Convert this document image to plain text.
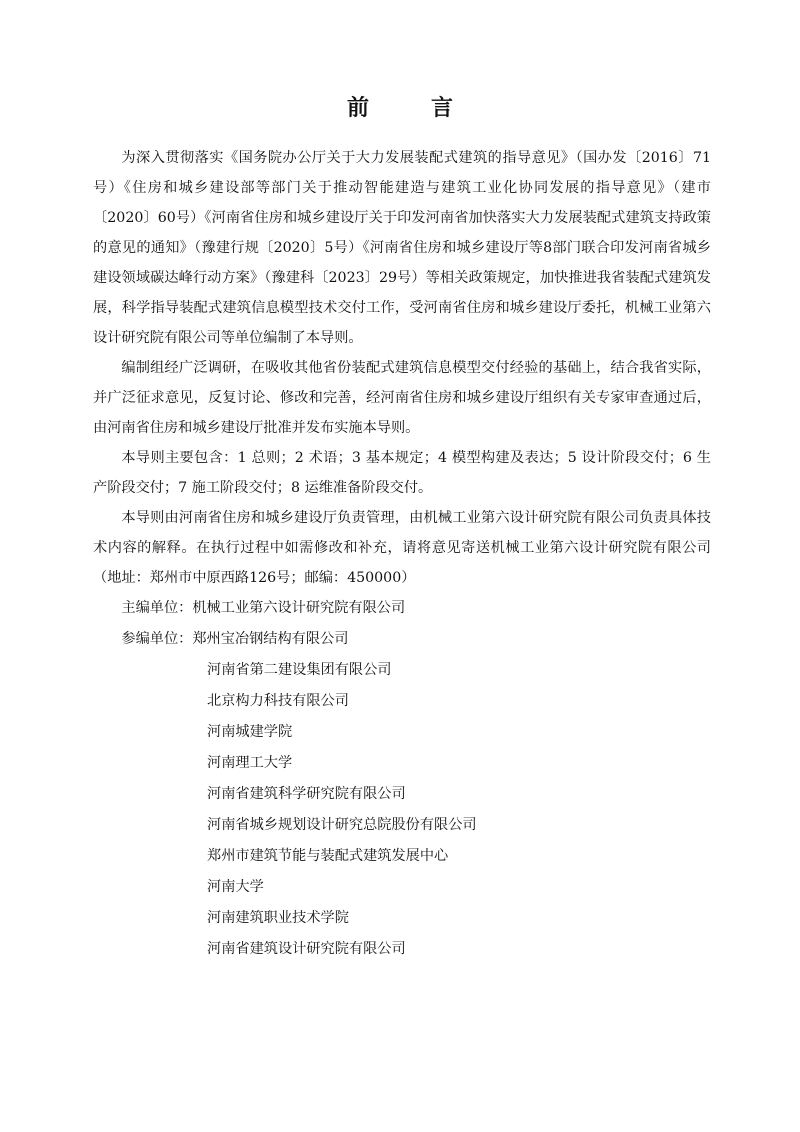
前　言

为深入贯彻落实《国务院办公厅关于大力发展装配式建筑的指导意见》（国办发〔2016〕71号）《住房和城乡建设部等部门关于推动智能建造与建筑工业化协同发展的指导意见》（建市〔2020〕60号）《河南省住房和城乡建设厅关于印发河南省加快落实大力发展装配式建筑支持政策的意见的通知》（豫建行规〔2020〕5号）《河南省住房和城乡建设厅等8部门联合印发河南省城乡建设领域碳达峰行动方案》（豫建科〔2023〕29号）等相关政策规定，加快推进我省装配式建筑发展，科学指导装配式建筑信息模型技术交付工作，受河南省住房和城乡建设厅委托，机械工业第六设计研究院有限公司等单位编制了本导则。

编制组经广泛调研，在吸收其他省份装配式建筑信息模型交付经验的基础上，结合我省实际，并广泛征求意见，反复讨论、修改和完善，经河南省住房和城乡建设厅组织有关专家审查通过后，由河南省住房和城乡建设厅批准并发布实施本导则。

本导则主要包含：1 总则；2 术语；3 基本规定；4 模型构建及表达；5 设计阶段交付；6 生产阶段交付；7 施工阶段交付；8 运维准备阶段交付。

本导则由河南省住房和城乡建设厅负责管理，由机械工业第六设计研究院有限公司负责具体技术内容的解释。在执行过程中如需修改和补充，请将意见寄送机械工业第六设计研究院有限公司（地址：郑州市中原西路126号；邮编：450000）

主编单位：机械工业第六设计研究院有限公司
参编单位：郑州宝冶钢结构有限公司
河南省第二建设集团有限公司
北京构力科技有限公司
河南城建学院
河南理工大学
河南省建筑科学研究院有限公司
河南省城乡规划设计研究总院股份有限公司
郑州市建筑节能与装配式建筑发展中心
河南大学
河南建筑职业技术学院
河南省建筑设计研究院有限公司
